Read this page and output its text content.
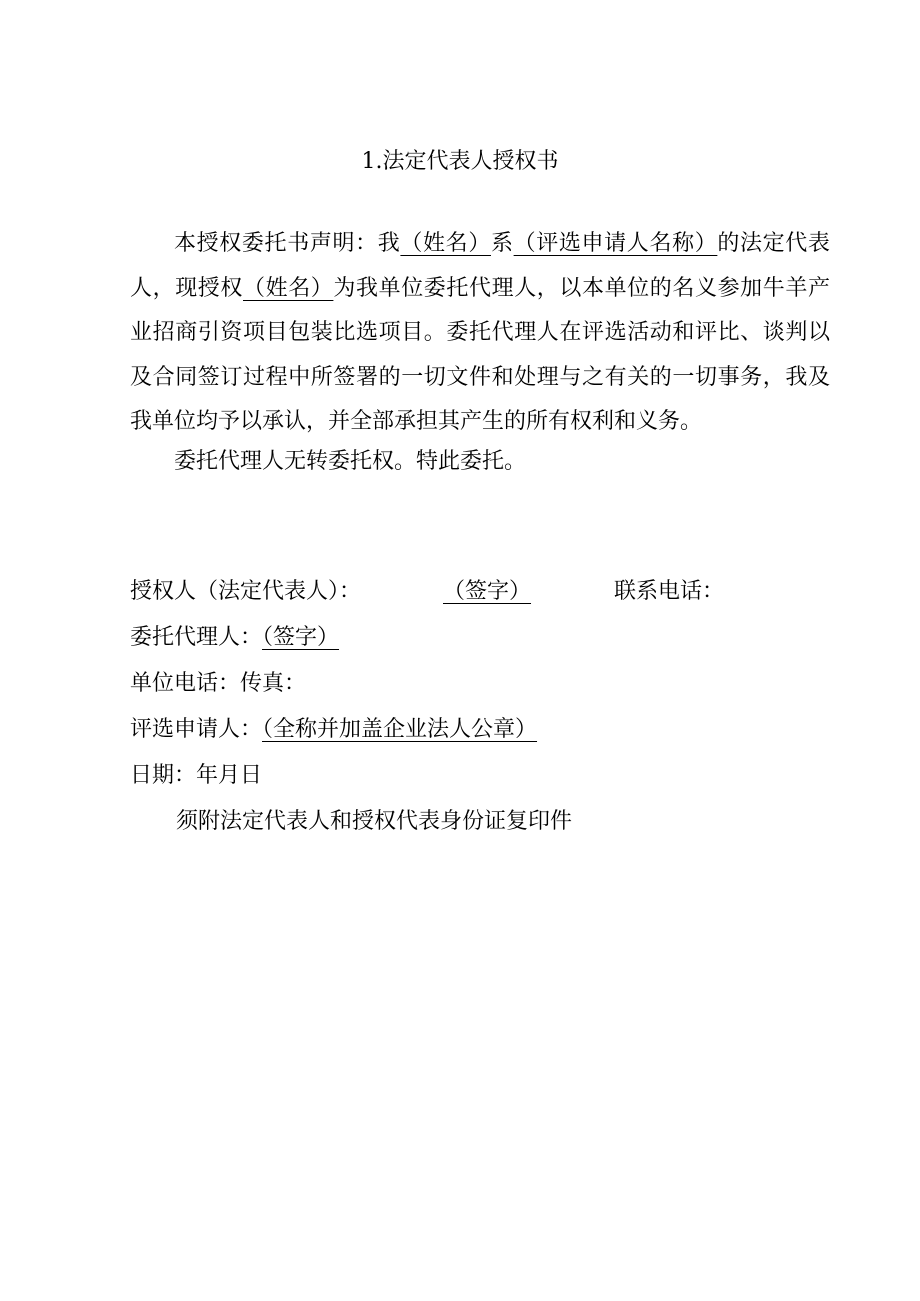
1.法定代表人授权书
本授权委托书声明：我（姓名）系（评选申请人名称）的法定代表人，现授权（姓名）为我单位委托代理人，以本单位的名义参加牛羊产业招商引资项目包装比选项目。委托代理人在评选活动和评比、谈判以及合同签订过程中所签署的一切文件和处理与之有关的一切事务，我及我单位均予以承认，并全部承担其产生的所有权利和义务。
委托代理人无转委托权。特此委托。
授权人（法定代表人）：	（签字）	联系电话：
委托代理人：（签字）
单位电话：传真：
评选申请人：（全称并加盖企业法人公章）
日期：年月日
须附法定代表人和授权代表身份证复印件
